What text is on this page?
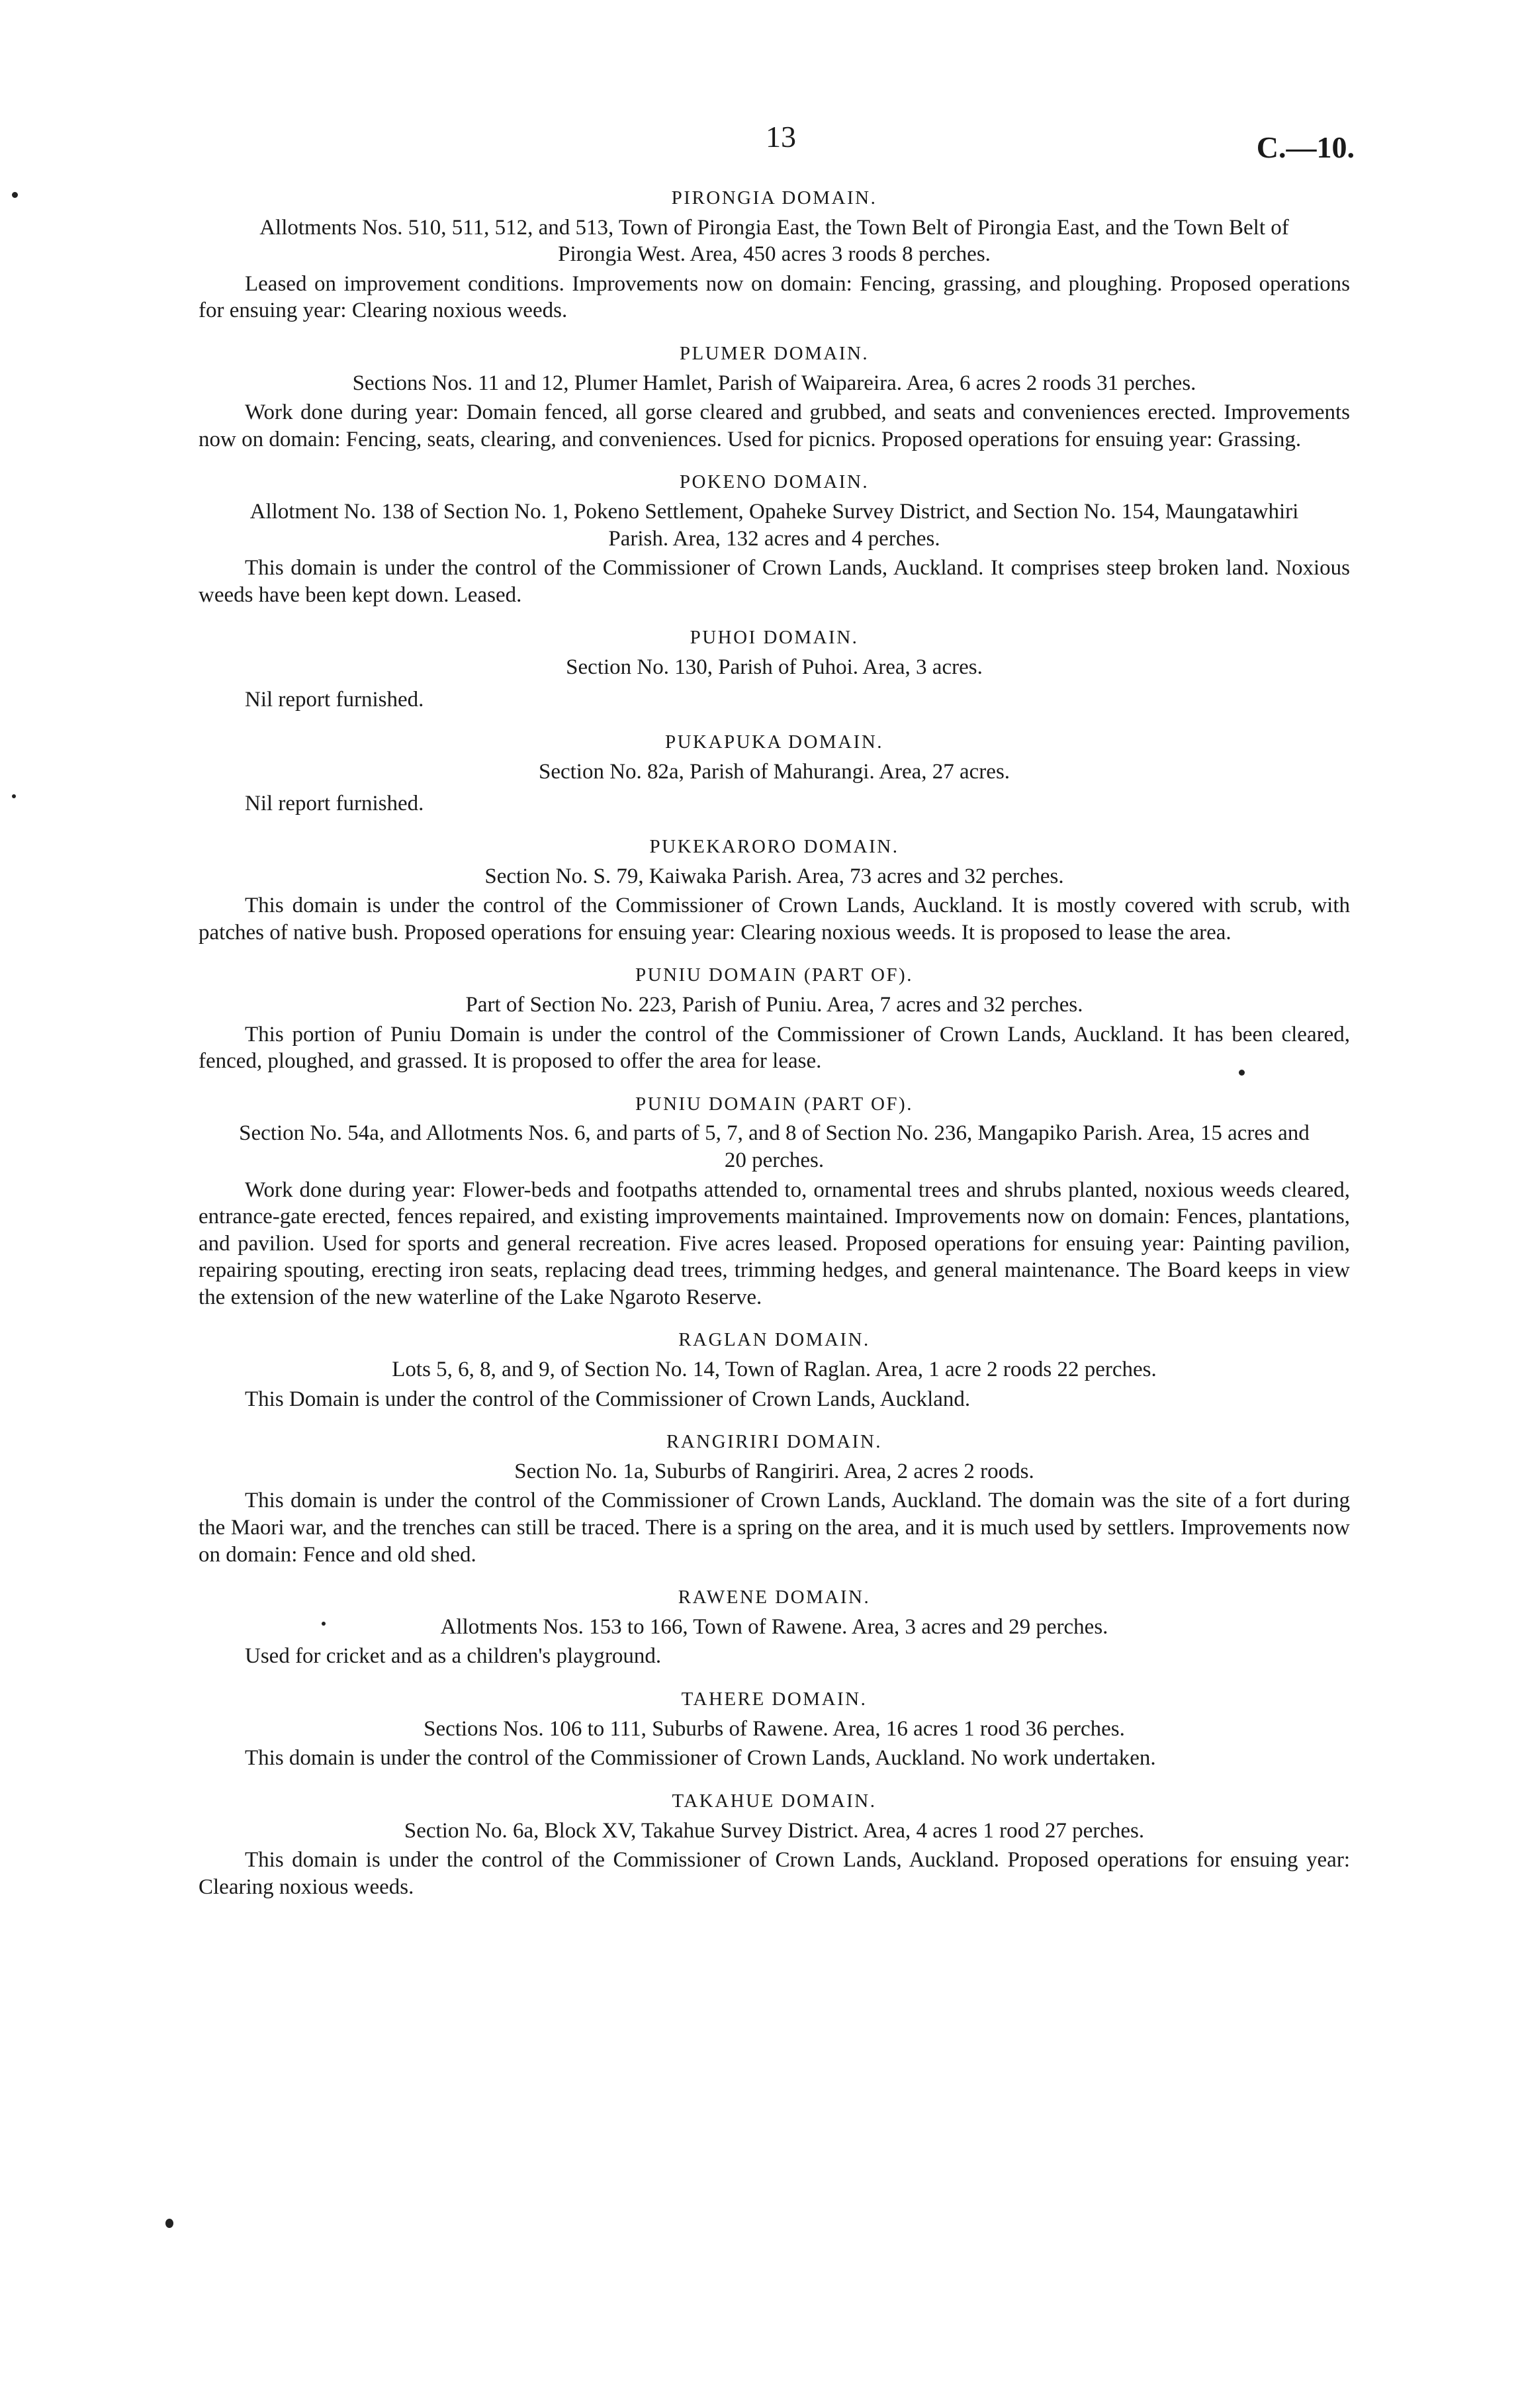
13	C.—10.
PIRONGIA DOMAIN.
Allotments Nos. 510, 511, 512, and 513, Town of Pirongia East, the Town Belt of Pirongia East, and the Town Belt of Pirongia West. Area, 450 acres 3 roods 8 perches.
Leased on improvement conditions. Improvements now on domain: Fencing, grassing, and ploughing. Proposed operations for ensuing year: Clearing noxious weeds.
PLUMER DOMAIN.
Sections Nos. 11 and 12, Plumer Hamlet, Parish of Waipareira. Area, 6 acres 2 roods 31 perches.
Work done during year: Domain fenced, all gorse cleared and grubbed, and seats and conveniences erected. Improvements now on domain: Fencing, seats, clearing, and conveniences. Used for picnics. Proposed operations for ensuing year: Grassing.
POKENO DOMAIN.
Allotment No. 138 of Section No. 1, Pokeno Settlement, Opaheke Survey District, and Section No. 154, Maungatawhiri Parish. Area, 132 acres and 4 perches.
This domain is under the control of the Commissioner of Crown Lands, Auckland. It comprises steep broken land. Noxious weeds have been kept down. Leased.
PUHOI DOMAIN.
Section No. 130, Parish of Puhoi. Area, 3 acres.
Nil report furnished.
PUKAPUKA DOMAIN.
Section No. 82a, Parish of Mahurangi. Area, 27 acres.
Nil report furnished.
PUKEKARORO DOMAIN.
Section No. S. 79, Kaiwaka Parish. Area, 73 acres and 32 perches.
This domain is under the control of the Commissioner of Crown Lands, Auckland. It is mostly covered with scrub, with patches of native bush. Proposed operations for ensuing year: Clearing noxious weeds. It is proposed to lease the area.
PUNIU DOMAIN (PART OF).
Part of Section No. 223, Parish of Puniu. Area, 7 acres and 32 perches.
This portion of Puniu Domain is under the control of the Commissioner of Crown Lands, Auckland. It has been cleared, fenced, ploughed, and grassed. It is proposed to offer the area for lease.
PUNIU DOMAIN (PART OF).
Section No. 54a, and Allotments Nos. 6, and parts of 5, 7, and 8 of Section No. 236, Mangapiko Parish. Area, 15 acres and 20 perches.
Work done during year: Flower-beds and footpaths attended to, ornamental trees and shrubs planted, noxious weeds cleared, entrance-gate erected, fences repaired, and existing improvements maintained. Improvements now on domain: Fences, plantations, and pavilion. Used for sports and general recreation. Five acres leased. Proposed operations for ensuing year: Painting pavilion, repairing spouting, erecting iron seats, replacing dead trees, trimming hedges, and general maintenance. The Board keeps in view the extension of the new waterline of the Lake Ngaroto Reserve.
RAGLAN DOMAIN.
Lots 5, 6, 8, and 9, of Section No. 14, Town of Raglan. Area, 1 acre 2 roods 22 perches.
This Domain is under the control of the Commissioner of Crown Lands, Auckland.
RANGIRIRI DOMAIN.
Section No. 1a, Suburbs of Rangiriri. Area, 2 acres 2 roods.
This domain is under the control of the Commissioner of Crown Lands, Auckland. The domain was the site of a fort during the Maori war, and the trenches can still be traced. There is a spring on the area, and it is much used by settlers. Improvements now on domain: Fence and old shed.
RAWENE DOMAIN.
Allotments Nos. 153 to 166, Town of Rawene. Area, 3 acres and 29 perches.
Used for cricket and as a children's playground.
TAHERE DOMAIN.
Sections Nos. 106 to 111, Suburbs of Rawene. Area, 16 acres 1 rood 36 perches.
This domain is under the control of the Commissioner of Crown Lands, Auckland. No work undertaken.
TAKAHUE DOMAIN.
Section No. 6a, Block XV, Takahue Survey District. Area, 4 acres 1 rood 27 perches.
This domain is under the control of the Commissioner of Crown Lands, Auckland. Proposed operations for ensuing year: Clearing noxious weeds.
